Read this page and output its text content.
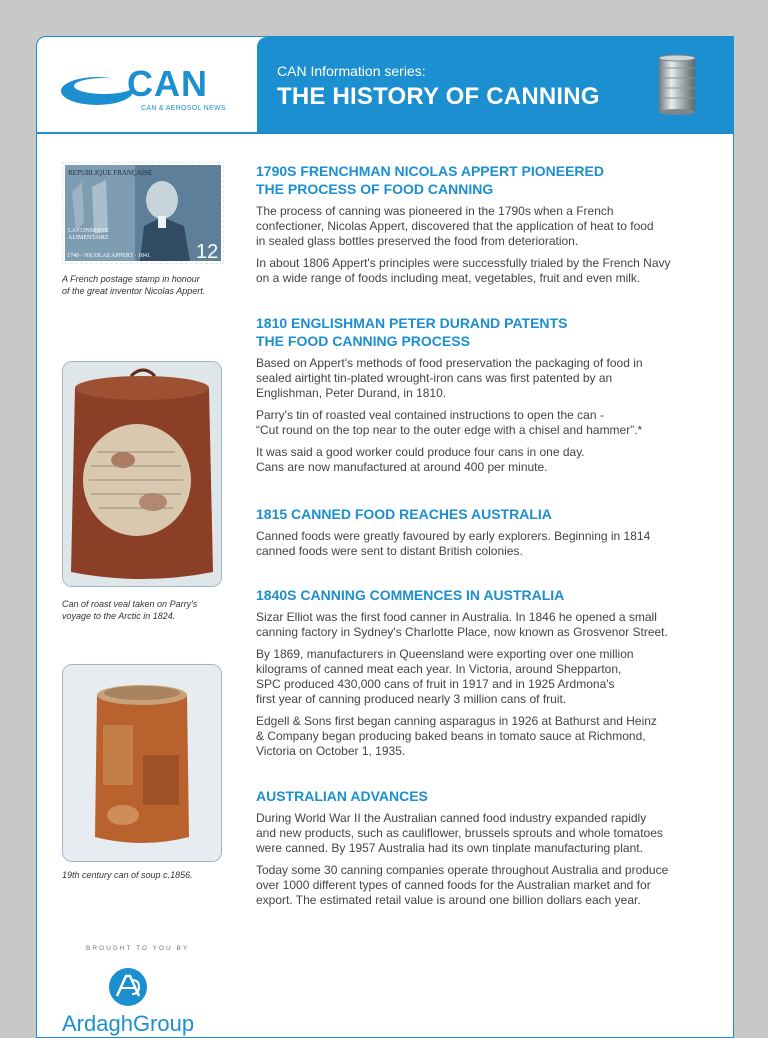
CAN
CAN & AEROSOL NEWS
CAN Information series:
THE HISTORY OF CANNING
REPUBLIQUE FRANÇAISE
LA CONSERVE
ALIMENTAIRE
1749 · NICOLAS APPERT · 1841 12
A French postage stamp in honour
of the great inventor Nicolas Appert.
Can of roast veal taken on Parry's
voyage to the Arctic in 1824.
19th century can of soup c.1856.
1790S FRENCHMAN NICOLAS APPERT PIONEERED
THE PROCESS OF FOOD CANNING

The process of canning was pioneered in the 1790s when a French
confectioner, Nicolas Appert, discovered that the application of heat to food
in sealed glass bottles preserved the food from deterioration.

In about 1806 Appert's principles were successfully trialed by the French Navy
on a wide range of foods including meat, vegetables, fruit and even milk.

1810 ENGLISHMAN PETER DURAND PATENTS
THE FOOD CANNING PROCESS

Based on Appert's methods of food preservation the packaging of food in
sealed airtight tin-plated wrought-iron cans was first patented by an
Englishman, Peter Durand, in 1810.

Parry's tin of roasted veal contained instructions to open the can -
“Cut round on the top near to the outer edge with a chisel and hammer”.*

It was said a good worker could produce four cans in one day.
Cans are now manufactured at around 400 per minute.

1815 CANNED FOOD REACHES AUSTRALIA

Canned foods were greatly favoured by early explorers. Beginning in 1814
canned foods were sent to distant British colonies.

1840S CANNING COMMENCES IN AUSTRALIA

Sizar Elliot was the first food canner in Australia. In 1846 he opened a small
canning factory in Sydney's Charlotte Place, now known as Grosvenor Street.

By 1869, manufacturers in Queensland were exporting over one million
kilograms of canned meat each year. In Victoria, around Shepparton,
SPC produced 430,000 cans of fruit in 1917 and in 1925 Ardmona's
first year of canning produced nearly 3 million cans of fruit.

Edgell & Sons first began canning asparagus in 1926 at Bathurst and Heinz
& Company began producing baked beans in tomato sauce at Richmond,
Victoria on October 1, 1935.

AUSTRALIAN ADVANCES

During World War II the Australian canned food industry expanded rapidly
and new products, such as cauliflower, brussels sprouts and whole tomatoes
were canned. By 1957 Australia had its own tinplate manufacturing plant.

Today some 30 canning companies operate throughout Australia and produce
over 1000 different types of canned foods for the Australian market and for
export. The estimated retail value is around one billion dollars each year.

BROUGHT TO YOU BY
ArdaghGroup
